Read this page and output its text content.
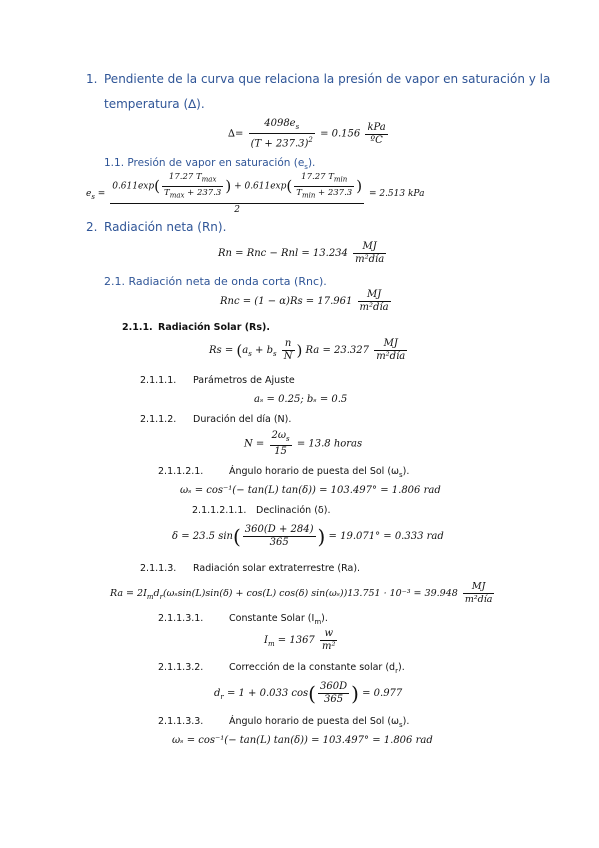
1. Pendiente de la curva que relaciona la presión de vapor en saturación y la
temperatura (∆).
∆= $\frac{4098e_s}{(T + 237.3)^2} = 0.156 \frac{\text{kPa}}{\text{ºC}}$
1.1. Presión de vapor en saturación $(e_s)$.
$e_s$ =
$0.611\exp( \frac{17.27 T_{max}}{T_{max} + 237.3}$ ) + $0.611\exp( \frac{17.27 T_{min}}{T_{min} + 237.3}$ )
2
= 2.513 kPa
2. Radiación neta (Rn).
Rn = Rnc − Rnl = $13.234 \frac{MJ}{\text{m²día}}$
2.1. Radiación neta de onda corta (Rnc).
Rnc = $(1 - \alpha)Rs = 17.961 \frac{MJ}{\text{m²día}}$
2.1.1. Radiación Solar (Rs).
$Rs = (a_s + b_s \frac{n}{N}$ ) $Ra = 23.327 \frac{MJ}{\text{m²día}}$
2.1.1.1. Parámetros de Ajuste
aₛ = 0.25; bₛ = 0.5
2.1.1.2. Duración del día (N).
$N = \frac{2\omega_s}{15} = 13.8$ horas
2.1.1.2.1.	Ángulo horario de puesta del Sol $(\omega_s)$.
ωₛ = cos⁻¹(− tan(L) tan(δ)) = 103.497° = 1.806 rad
2.1.1.2.1.1. Declinación (δ).
δ = 23.5 $\sin( \frac{360(D + 284)}{365}$ ) = 19.071° = 0.333 rad
2.1.1.3. Radiación solar extraterrestre (Ra).
$Ra = 2I_md_r(\omega_s\sin(L)\sin(\delta) + \cos(L)$ cos(δ) $\sin(\omega_s))13.751 \cdot 10^{-3} = 39.948 \frac{MJ}{\text{m²día}}$
2.1.1.3.1.	Constante Solar $(I_m)$.
$I_m = 1367 \frac{w}{\text{m²}}$
2.1.1.3.2.	Corrección de la constante solar $(d_r)$.
$d_r = 1 + 0.033$ $\cos( \frac{360D}{365}$ ) = 0.977
2.1.1.3.3.	Ángulo horario de puesta del Sol $(\omega_s)$.
ωₛ = cos⁻¹(− tan(L) tan(δ)) = 103.497° = 1.806 rad
